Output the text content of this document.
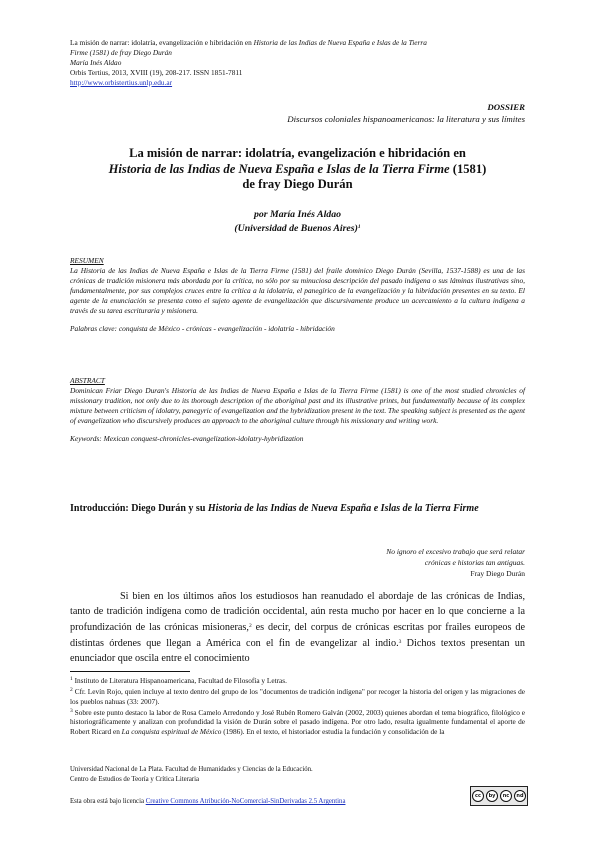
La misión de narrar: idolatría, evangelización e hibridación en Historia de las Indias de Nueva España e Islas de la Tierra
Firme (1581) de fray Diego Durán
María Inés Aldao
Orbis Tertius, 2013, XVIII (19), 208-217. ISSN 1851-7811
http://www.orbistertius.unlp.edu.ar
DOSSIER
Discursos coloniales hispanoamericanos: la literatura y sus límites
La misión de narrar: idolatría, evangelización e hibridación en
Historia de las Indias de Nueva España e Islas de la Tierra Firme (1581)
de fray Diego Durán
por María Inés Aldao
(Universidad de Buenos Aires)$^1$
RESUMEN
La Historia de las Indias de Nueva España e Islas de la Tierra Firme (1581) del fraile dominico Diego Durán (Sevilla, 1537-1588) es una de las crónicas de tradición misionera más abordada por la crítica, no sólo por su minuciosa descripción del pasado indígena o sus láminas ilustrativas sino, fundamentalmente, por sus complejos cruces entre la crítica a la idolatría, el panegírico de la evangelización y la hibridación presentes en su texto. El agente de la enunciación se presenta como el sujeto agente de evangelización que discursivamente produce un acercamiento a la cultura indígena a través de su tarea escrituraria y misionera.
Palabras clave: conquista de México - crónicas - evangelización - idolatría - hibridación
ABSTRACT
Dominican Friar Diego Duran's Historia de las Indias de Nueva España e Islas de la Tierra Firme (1581) is one of the most studied chronicles of missionary tradition, not only due to its thorough description of the aboriginal past and its illustrative prints, but fundamentally because of its complex mixture between criticism of idolatry, panegyric of evangelization and the hybridization present in the text. The speaking subject is presented as the agent of evangelization who discursively produces an approach to the aboriginal culture through his missionary and writing work.
Keywords: Mexican conquest-chronicles-evangelization-idolatry-hybridization
Introducción: Diego Durán y su Historia de las Indias de Nueva España e Islas de la Tierra Firme
No ignoro el excesivo trabajo que será relatar
crónicas e historias tan antiguas.
Fray Diego Durán

Si bien en los últimos años los estudiosos han reanudado el abordaje de las crónicas de Indias, tanto de tradición indígena como de tradición occidental, aún resta mucho por hacer en lo que concierne a la profundización de las crónicas misioneras,$^2$ es decir, del corpus de crónicas escritas por frailes europeos de distintas órdenes que llegan a América con el fin de evangelizar al indio.$^3$ Dichos textos presentan un enunciador que oscila entre el conocimiento

$^1$ Instituto de Literatura Hispanoamericana, Facultad de Filosofía y Letras.
$^2$ Cfr. Levín Rojo, quien incluye al texto dentro del grupo de los "documentos de tradición indígena" por recoger la historia del origen y las migraciones de los pueblos nahuas (33: 2007).
$^3$ Sobre este punto destaco la labor de Rosa Camelo Arredondo y José Rubén Romero Galván (2002, 2003) quienes abordan el tema biográfico, filológico e historiográficamente y analizan con profundidad la visión de Durán sobre el pasado indígena. Por otro lado, resulta igualmente fundamental el aporte de Robert Ricard en La conquista espiritual de México (1986). En el texto, el historiador estudia la fundación y consolidación de la
Universidad Nacional de La Plata. Facultad de Humanidades y Ciencias de la Educación.
Centro de Estudios de Teoría y Crítica Literaria
Esta obra está bajo licencia Creative Commons Atribución-NoComercial-SinDerivadas 2.5 Argentina
cc	by	nc	nd
